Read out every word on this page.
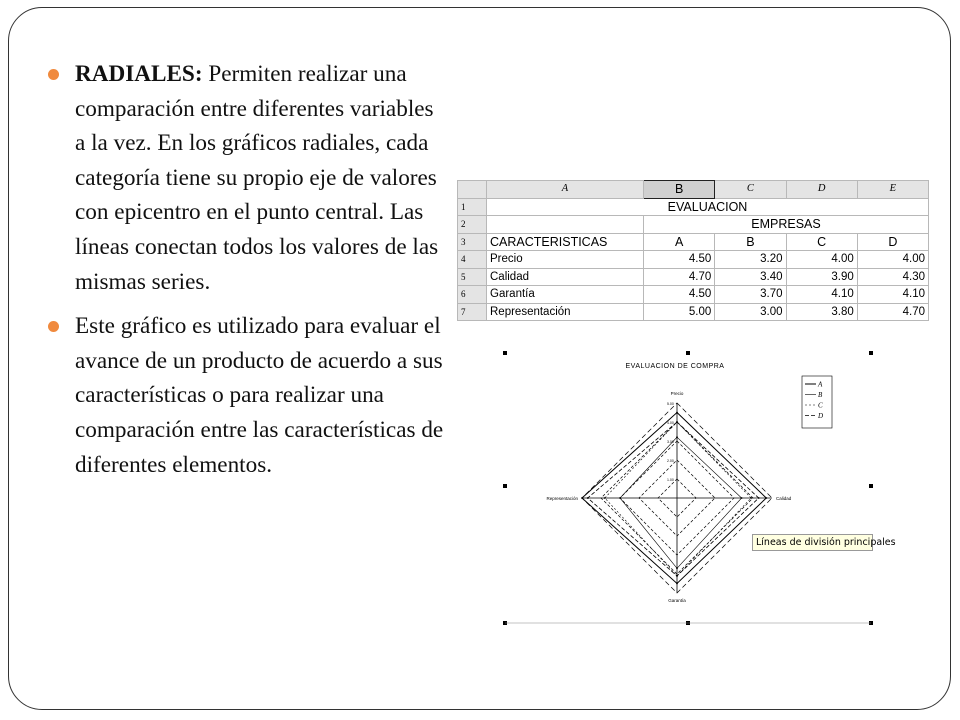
RADIALES: Permiten realizar una comparación entre diferentes variables a la vez. En los gráficos radiales, cada categoría tiene su propio eje de valores con epicentro en el punto central. Las líneas conectan todos los valores de las mismas series.
Este gráfico es utilizado para evaluar el avance de un producto de acuerdo a sus características o para realizar una comparación entre las características de diferentes elementos.
	A	B	C	D	E
1	EVALUACION				
2		EMPRESAS			
3	CARACTERISTICAS	A	B	C	D
4	Precio	4.50	3.20	4.00	4.00
5	Calidad	4.70	3.40	3.90	4.30
6	Garantía	4.50	3.70	4.10	4.10
7	Representación	5.00	3.00	3.80	4.70
EVALUACION DE COMPRA
1.00
2.00
3.00
4.00
5.00
Precio
Calidad
Garantía
Representación
A
B
C
D
Líneas de división principales
